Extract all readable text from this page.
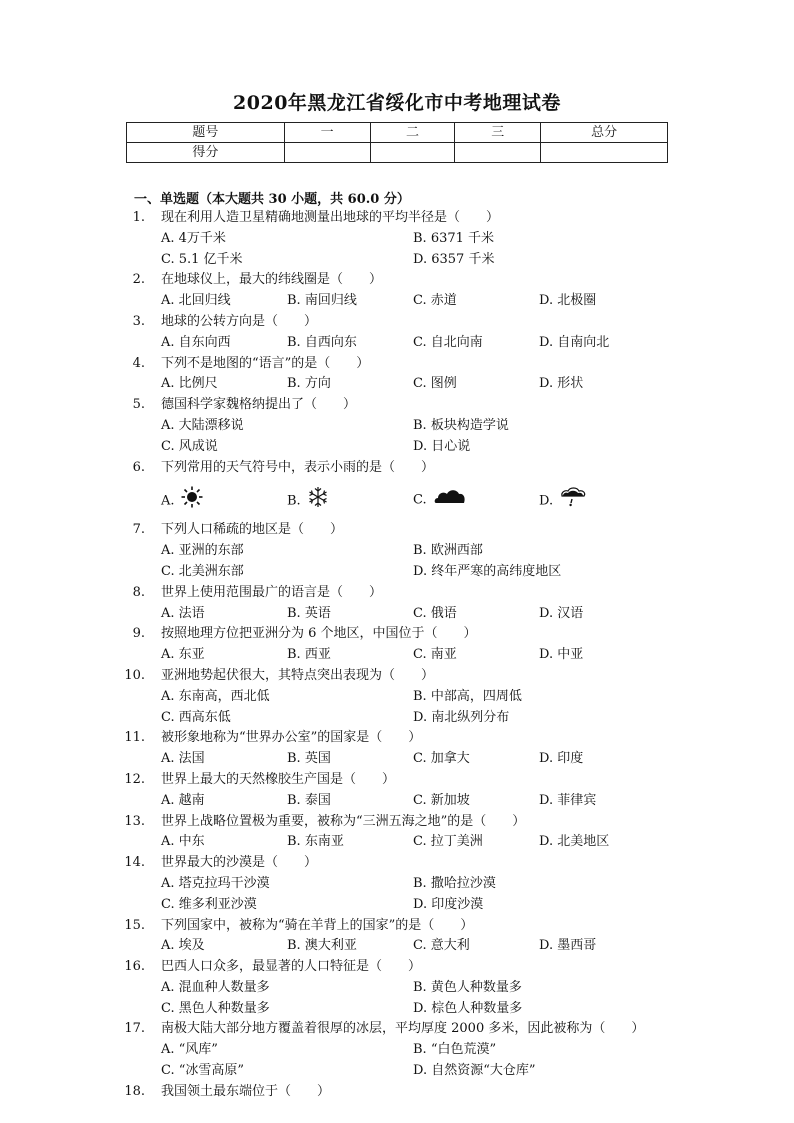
2020年黑龙江省绥化市中考地理试卷
题号	一	二	三	总分
得分				
一、单选题（本大题共 30 小题，共 60.0 分）
1. 现在利用人造卫星精确地测量出地球的平均半径是（　　）
A. 4万千米	B. 6371 千米
C. 5.1 亿千米	D. 6357 千米
2. 在地球仪上，最大的纬线圈是（　　）
A. 北回归线	B. 南回归线	C. 赤道	D. 北极圈
3. 地球的公转方向是（　　）
A. 自东向西	B. 自西向东	C. 自北向南	D. 自南向北
4. 下列不是地图的“语言”的是（　　）
A. 比例尺	B. 方向	C. 图例	D. 形状
5. 德国科学家魏格纳提出了（　　）
A. 大陆漂移说	B. 板块构造学说
C. 风成说	D. 日心说
6. 下列常用的天气符号中，表示小雨的是（　　）
A.	B.	C.	D.
7. 下列人口稀疏的地区是（　　）
A. 亚洲的东部	B. 欧洲西部
C. 北美洲东部	D. 终年严寒的高纬度地区
8. 世界上使用范围最广的语言是（　　）
A. 法语	B. 英语	C. 俄语	D. 汉语
9. 按照地理方位把亚洲分为 6 个地区，中国位于（　　）
A. 东亚	B. 西亚	C. 南亚	D. 中亚
10. 亚洲地势起伏很大，其特点突出表现为（　　）
A. 东南高，西北低	B. 中部高，四周低
C. 西高东低	D. 南北纵列分布
11. 被形象地称为“世界办公室”的国家是（　　）
A. 法国	B. 英国	C. 加拿大	D. 印度
12. 世界上最大的天然橡胶生产国是（　　）
A. 越南	B. 泰国	C. 新加坡	D. 菲律宾
13. 世界上战略位置极为重要，被称为“三洲五海之地”的是（　　）
A. 中东	B. 东南亚	C. 拉丁美洲	D. 北美地区
14. 世界最大的沙漠是（　　）
A. 塔克拉玛干沙漠	B. 撒哈拉沙漠
C. 维多利亚沙漠	D. 印度沙漠
15. 下列国家中，被称为“骑在羊背上的国家”的是（　　）
A. 埃及	B. 澳大利亚	C. 意大利	D. 墨西哥
16. 巴西人口众多，最显著的人口特征是（　　）
A. 混血种人数量多	B. 黄色人种数量多
C. 黑色人种数量多	D. 棕色人种数量多
17. 南极大陆大部分地方覆盖着很厚的冰层，平均厚度 2000 多米，因此被称为（　　）
A. “风库”	B. “白色荒漠”
C. “冰雪高原”	D. 自然资源“大仓库”
18. 我国领土最东端位于（　　）
